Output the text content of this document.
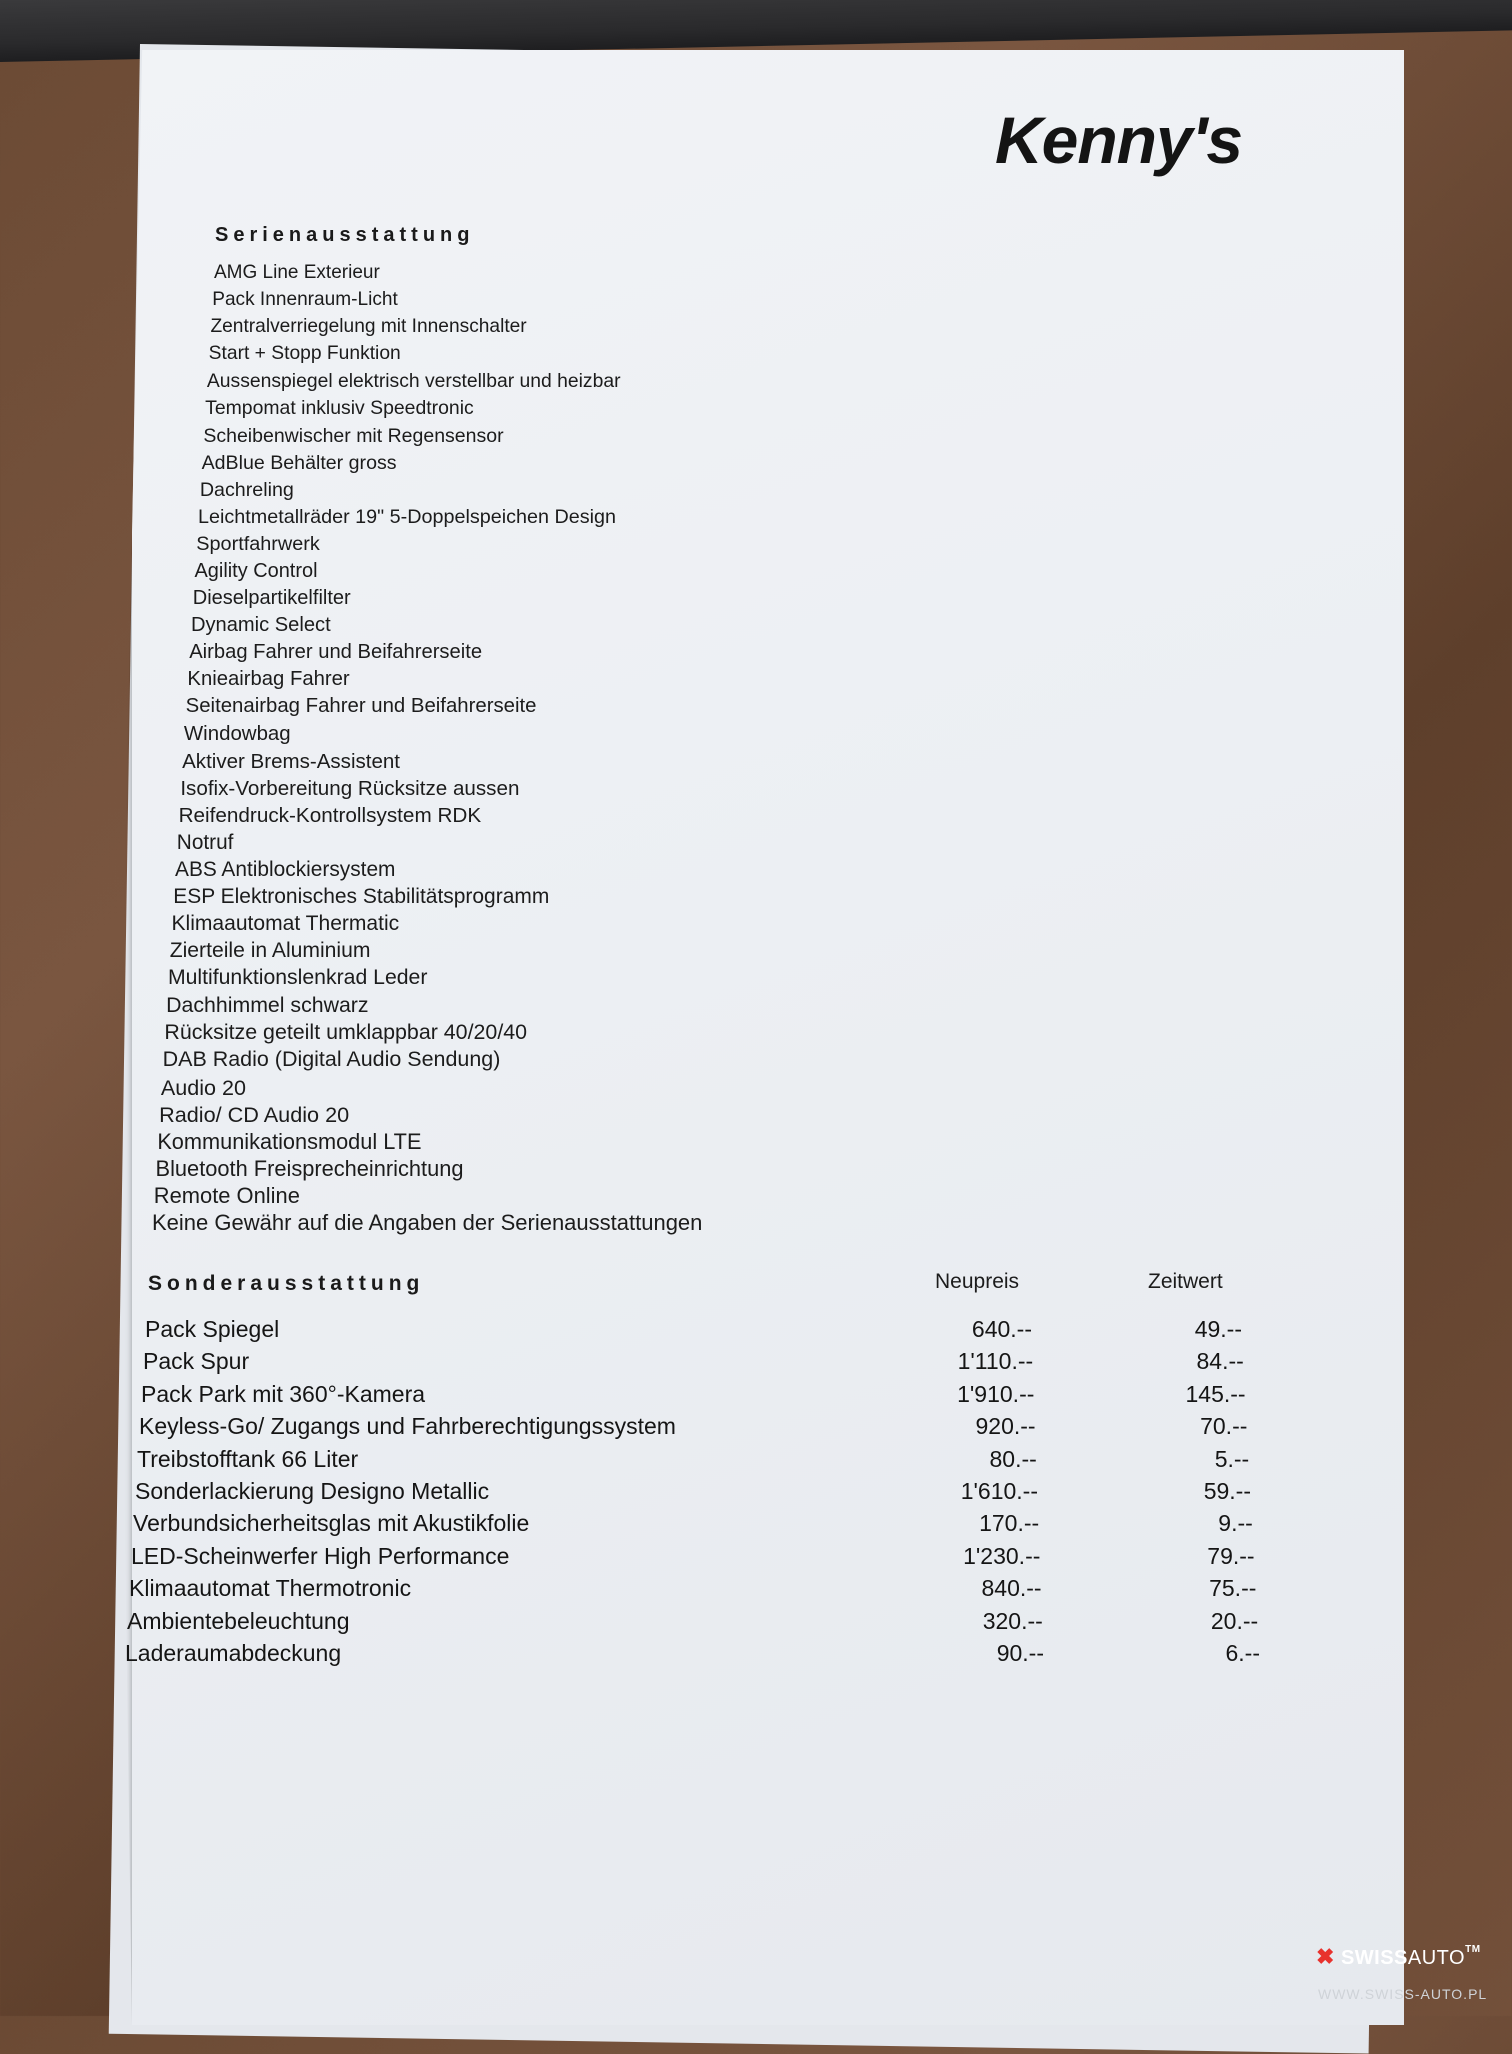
Kenny's
Serienausstattung
AMG Line Exterieur
Pack Innenraum-Licht
Zentralverriegelung mit Innenschalter
Start + Stopp Funktion
Aussenspiegel elektrisch verstellbar und heizbar
Tempomat inklusiv Speedtronic
Scheibenwischer mit Regensensor
AdBlue Behälter gross
Dachreling
Leichtmetallräder 19" 5-Doppelspeichen Design
Sportfahrwerk
Agility Control
Dieselpartikelfilter
Dynamic Select
Airbag Fahrer und Beifahrerseite
Knieairbag Fahrer
Seitenairbag Fahrer und Beifahrerseite
Windowbag
Aktiver Brems-Assistent
Isofix-Vorbereitung Rücksitze aussen
Reifendruck-Kontrollsystem RDK
Notruf
ABS Antiblockiersystem
ESP Elektronisches Stabilitätsprogramm
Klimaautomat Thermatic
Zierteile in Aluminium
Multifunktionslenkrad Leder
Dachhimmel schwarz
Rücksitze geteilt umklappbar 40/20/40
DAB Radio (Digital Audio Sendung)
Audio 20
Radio/ CD Audio 20
Kommunikationsmodul LTE
Bluetooth Freisprecheinrichtung
Remote Online
Keine Gewähr auf die Angaben der Serienausstattungen
Sonderausstattung	Neupreis	Zeitwert
Pack Spiegel	640.--	49.--
Pack Spur	1'110.--	84.--
Pack Park mit 360°-Kamera	1'910.--	145.--
Keyless-Go/ Zugangs und Fahrberechtigungssystem	920.--	70.--
Treibstofftank 66 Liter	80.--	5.--
Sonderlackierung Designo Metallic	1'610.--	59.--
Verbundsicherheitsglas mit Akustikfolie	170.--	9.--
LED-Scheinwerfer High Performance	1'230.--	79.--
Klimaautomat Thermotronic	840.--	75.--
Ambientebeleuchtung	320.--	20.--
Laderaumabdeckung	90.--	6.--
✖ SWISSAUTO™
WWW.SWISS-AUTO.PL
